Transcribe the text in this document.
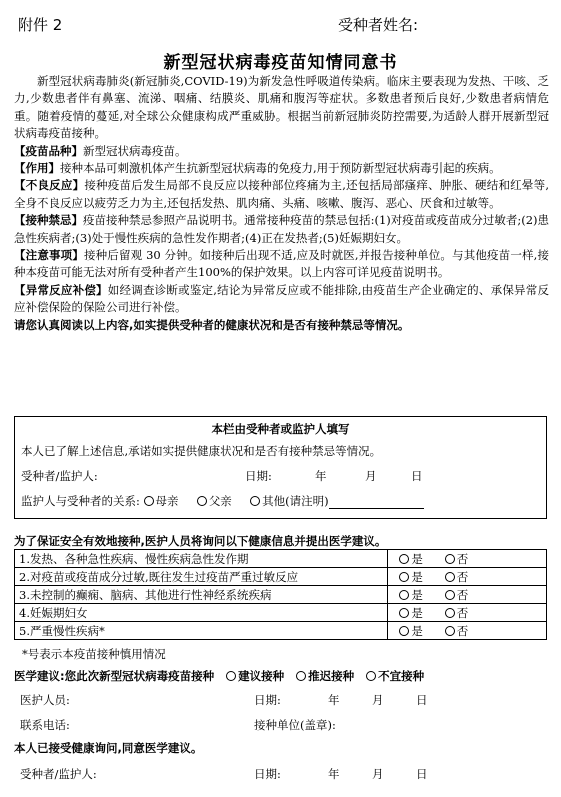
附件 2	受种者姓名:
新型冠状病毒疫苗知情同意书

新型冠状病毒肺炎(新冠肺炎,COVID-19)为新发急性呼吸道传染病。临床主要表现为发热、干咳、乏力,少数患者伴有鼻塞、流涕、咽痛、结膜炎、肌痛和腹泻等症状。多数患者预后良好,少数患者病情危重。随着疫情的蔓延,对全球公众健康构成严重威胁。根据当前新冠肺炎防控需要,为适龄人群开展新型冠状病毒疫苗接种。

【疫苗品种】新型冠状病毒疫苗。

【作用】接种本品可刺激机体产生抗新型冠状病毒的免疫力,用于预防新型冠状病毒引起的疾病。

【不良反应】接种疫苗后发生局部不良反应以接种部位疼痛为主,还包括局部瘙痒、肿胀、硬结和红晕等,全身不良反应以疲劳乏力为主,还包括发热、肌肉痛、头痛、咳嗽、腹泻、恶心、厌食和过敏等。

【接种禁忌】疫苗接种禁忌参照产品说明书。通常接种疫苗的禁忌包括:(1)对疫苗或疫苗成分过敏者;(2)患急性疾病者;(3)处于慢性疾病的急性发作期者;(4)正在发热者;(5)妊娠期妇女。

【注意事项】接种后留观 30 分钟。如接种后出现不适,应及时就医,并报告接种单位。与其他疫苗一样,接种本疫苗可能无法对所有受种者产生100%的保护效果。以上内容可详见疫苗说明书。

【异常反应补偿】如经调查诊断或鉴定,结论为异常反应或不能排除,由疫苗生产企业确定的、承保异常反应补偿保险的保险公司进行补偿。

请您认真阅读以上内容,如实提供受种者的健康状况和是否有接种禁忌等情况。

本栏由受种者或监护人填写
本人已了解上述信息,承诺如实提供健康状况和是否有接种禁忌等情况。
受种者/监护人:	日期:	年	月	日
监护人与受种者的关系: 母亲	父亲	其他(请注明)
为了保证安全有效地接种,医护人员将询问以下健康信息并提出医学建议。
1.发热、各种急性疾病、慢性疾病急性发作期	是 否
2.对疫苗或疫苗成分过敏,既往发生过疫苗严重过敏反应	是 否
3.未控制的癫痫、脑病、其他进行性神经系统疾病	是 否
4.妊娠期妇女	是 否
5.严重慢性疾病*	是 否
*号表示本疫苗接种慎用情况
医学建议:您此次新型冠状病毒疫苗接种 建议接种 推迟接种 不宜接种
医护人员:	日期:	年	月	日
联系电话:	接种单位(盖章):
本人已接受健康询问,同意医学建议。
受种者/监护人:	日期:	年	月	日
